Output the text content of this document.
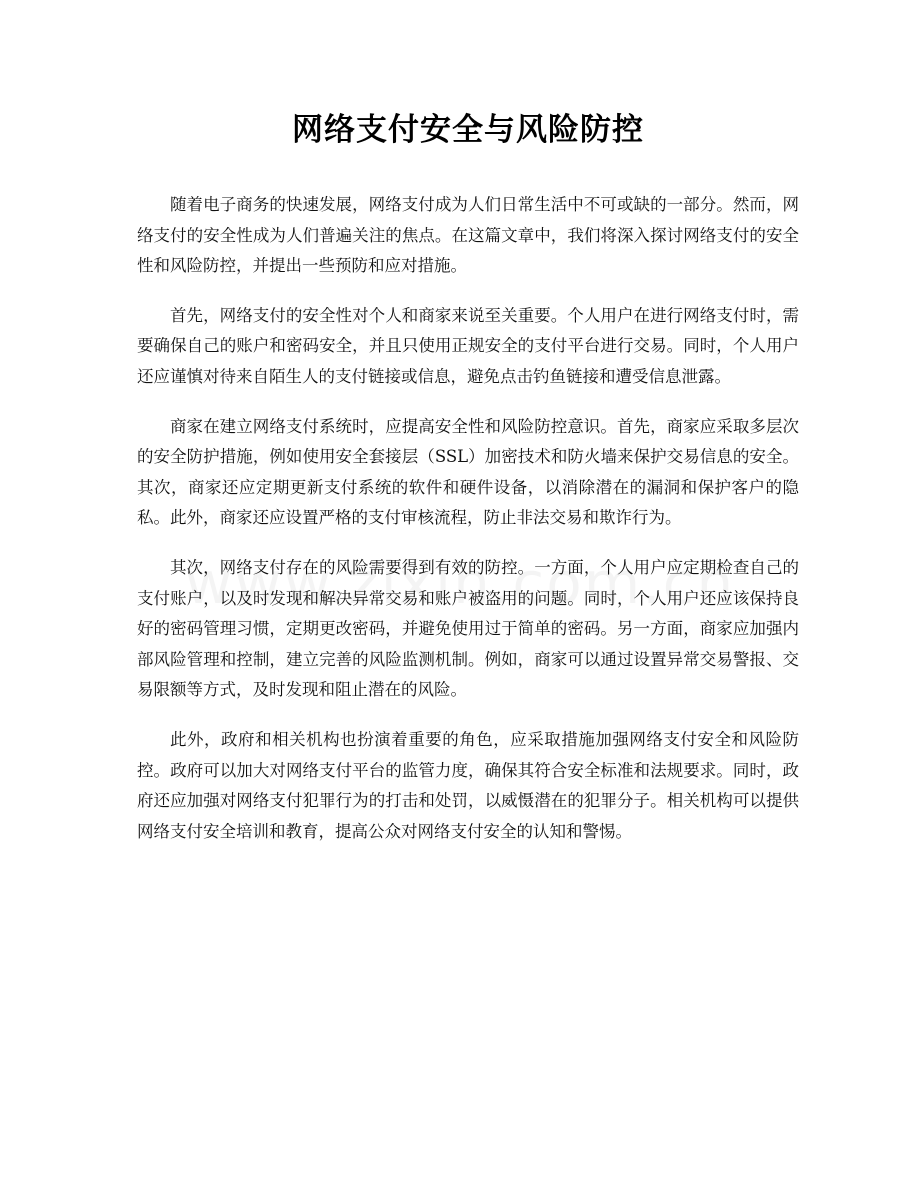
网络支付安全与风险防控

随着电子商务的快速发展，网络支付成为人们日常生活中不可或缺的一部分。然而，网络支付的安全性成为人们普遍关注的焦点。在这篇文章中，我们将深入探讨网络支付的安全性和风险防控，并提出一些预防和应对措施。

首先，网络支付的安全性对个人和商家来说至关重要。个人用户在进行网络支付时，需要确保自己的账户和密码安全，并且只使用正规安全的支付平台进行交易。同时，个人用户还应谨慎对待来自陌生人的支付链接或信息，避免点击钓鱼链接和遭受信息泄露。

商家在建立网络支付系统时，应提高安全性和风险防控意识。首先，商家应采取多层次的安全防护措施，例如使用安全套接层（SSL）加密技术和防火墙来保护交易信息的安全。其次，商家还应定期更新支付系统的软件和硬件设备，以消除潜在的漏洞和保护客户的隐私。此外，商家还应设置严格的支付审核流程，防止非法交易和欺诈行为。

其次，网络支付存在的风险需要得到有效的防控。一方面，个人用户应定期检查自己的支付账户，以及时发现和解决异常交易和账户被盗用的问题。同时，个人用户还应该保持良好的密码管理习惯，定期更改密码，并避免使用过于简单的密码。另一方面，商家应加强内部风险管理和控制，建立完善的风险监测机制。例如，商家可以通过设置异常交易警报、交易限额等方式，及时发现和阻止潜在的风险。

此外，政府和相关机构也扮演着重要的角色，应采取措施加强网络支付安全和风险防控。政府可以加大对网络支付平台的监管力度，确保其符合安全标准和法规要求。同时，政府还应加强对网络支付犯罪行为的打击和处罚，以威慑潜在的犯罪分子。相关机构可以提供网络支付安全培训和教育，提高公众对网络支付安全的认知和警惕。
